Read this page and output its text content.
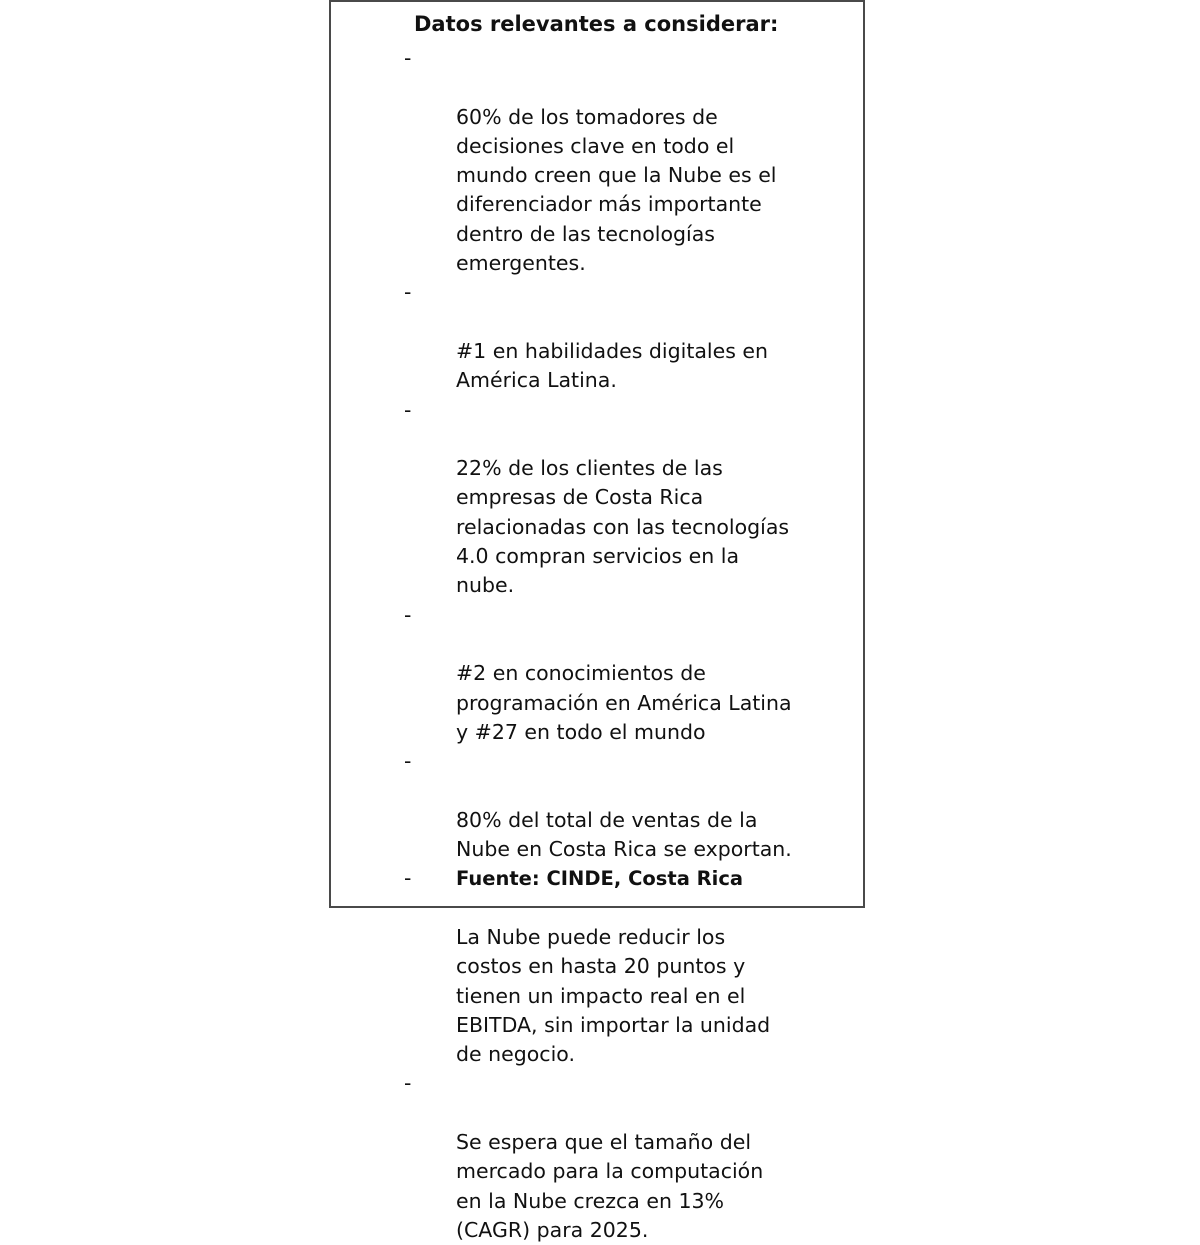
Datos relevantes a considerar:

-

60% de los tomadores de
decisiones clave en todo el
mundo creen que la Nube es el
diferenciador más importante
dentro de las tecnologías
emergentes.

-

#1 en habilidades digitales en
América Latina.

-

22% de los clientes de las
empresas de Costa Rica
relacionadas con las tecnologías
4.0 compran servicios en la
nube.

-

#2 en conocimientos de
programación en América Latina
y #27 en todo el mundo

-

80% del total de ventas de la
Nube en Costa Rica se exportan.

-

La Nube puede reducir los
costos en hasta 20 puntos y
tienen un impacto real en el
EBITDA, sin importar la unidad
de negocio.

-

Se espera que el tamaño del
mercado para la computación
en la Nube crezca en 13%
(CAGR) para 2025.

Fuente: CINDE, Costa Rica
